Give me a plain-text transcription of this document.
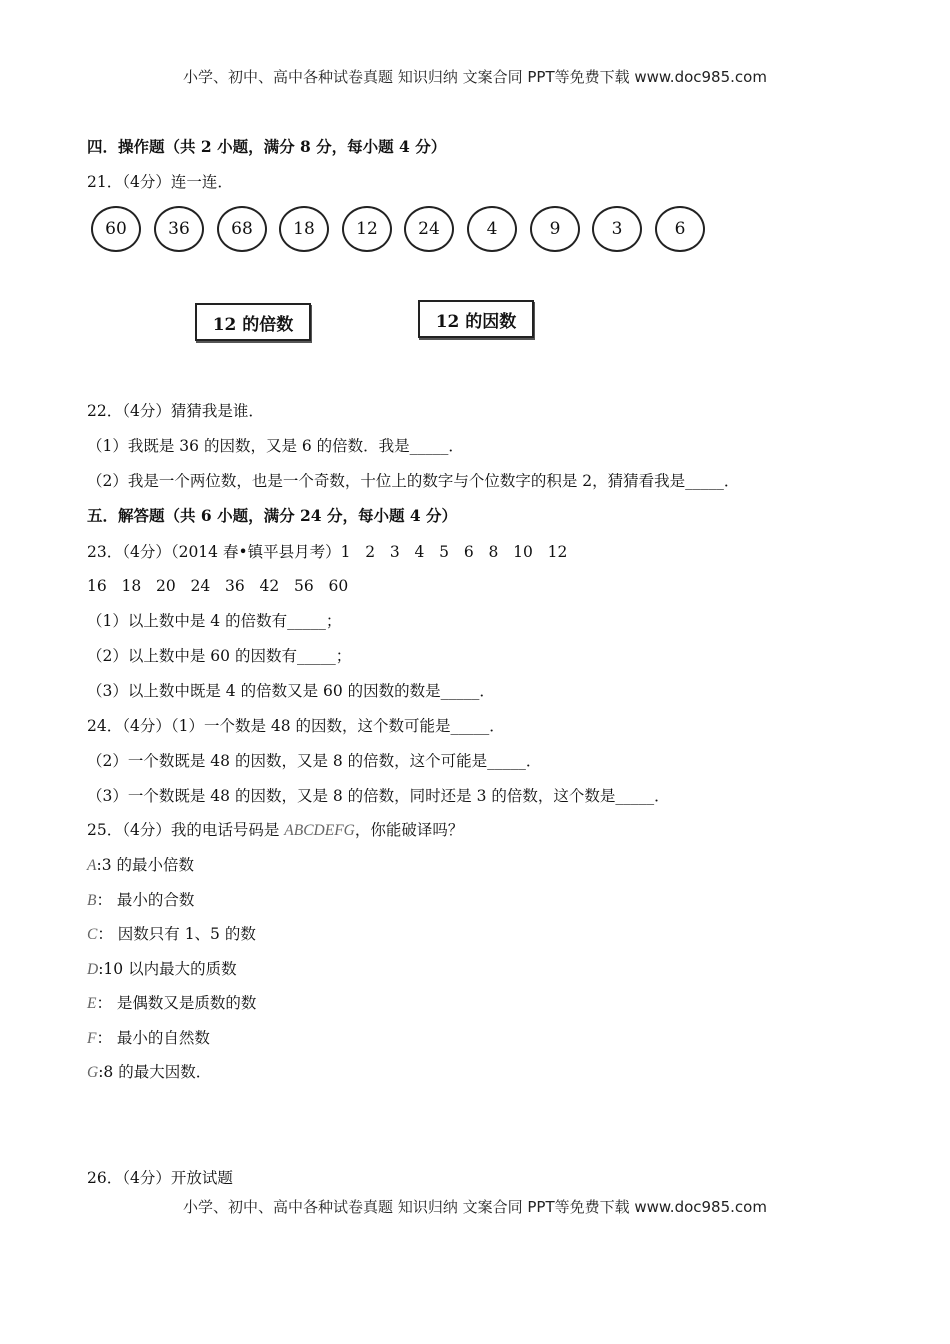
小学、初中、高中各种试卷真题 知识归纳 文案合同 PPT等免费下载 www.doc985.com
四．操作题（共 2 小题，满分 8 分，每小题 4 分）
21．（4分）连一连．
60	36	68	18	12	24	4	9	3	6
12 的倍数	12 的因数
22．（4分）猜猜我是谁．
（1）我既是 36 的因数，又是 6 的倍数．我是_____．
（2）我是一个两位数，也是一个奇数，十位上的数字与个位数字的积是 2，猜猜看我是_____．
五．解答题（共 6 小题，满分 24 分，每小题 4 分）
23．（4分）（2014 春•镇平县月考）1   2   3   4   5   6   8   10   12
16   18   20   24   36   42   56   60
（1）以上数中是 4 的倍数有_____；
（2）以上数中是 60 的因数有_____；
（3）以上数中既是 4 的倍数又是 60 的因数的数是_____．
24．（4分）（1）一个数是 48 的因数，这个数可能是_____．
（2）一个数既是 48 的因数，又是 8 的倍数，这个可能是_____．
（3）一个数既是 48 的因数，又是 8 的倍数，同时还是 3 的倍数，这个数是_____．
25．（4分）我的电话号码是 ABCDEFG，你能破译吗？
A:3 的最小倍数
B： 最小的合数
C： 因数只有 1、5 的数
D:10 以内最大的质数
E： 是偶数又是质数的数
F： 最小的自然数
G:8 的最大因数．
26．（4分）开放试题
小学、初中、高中各种试卷真题 知识归纳 文案合同 PPT等免费下载 www.doc985.com
